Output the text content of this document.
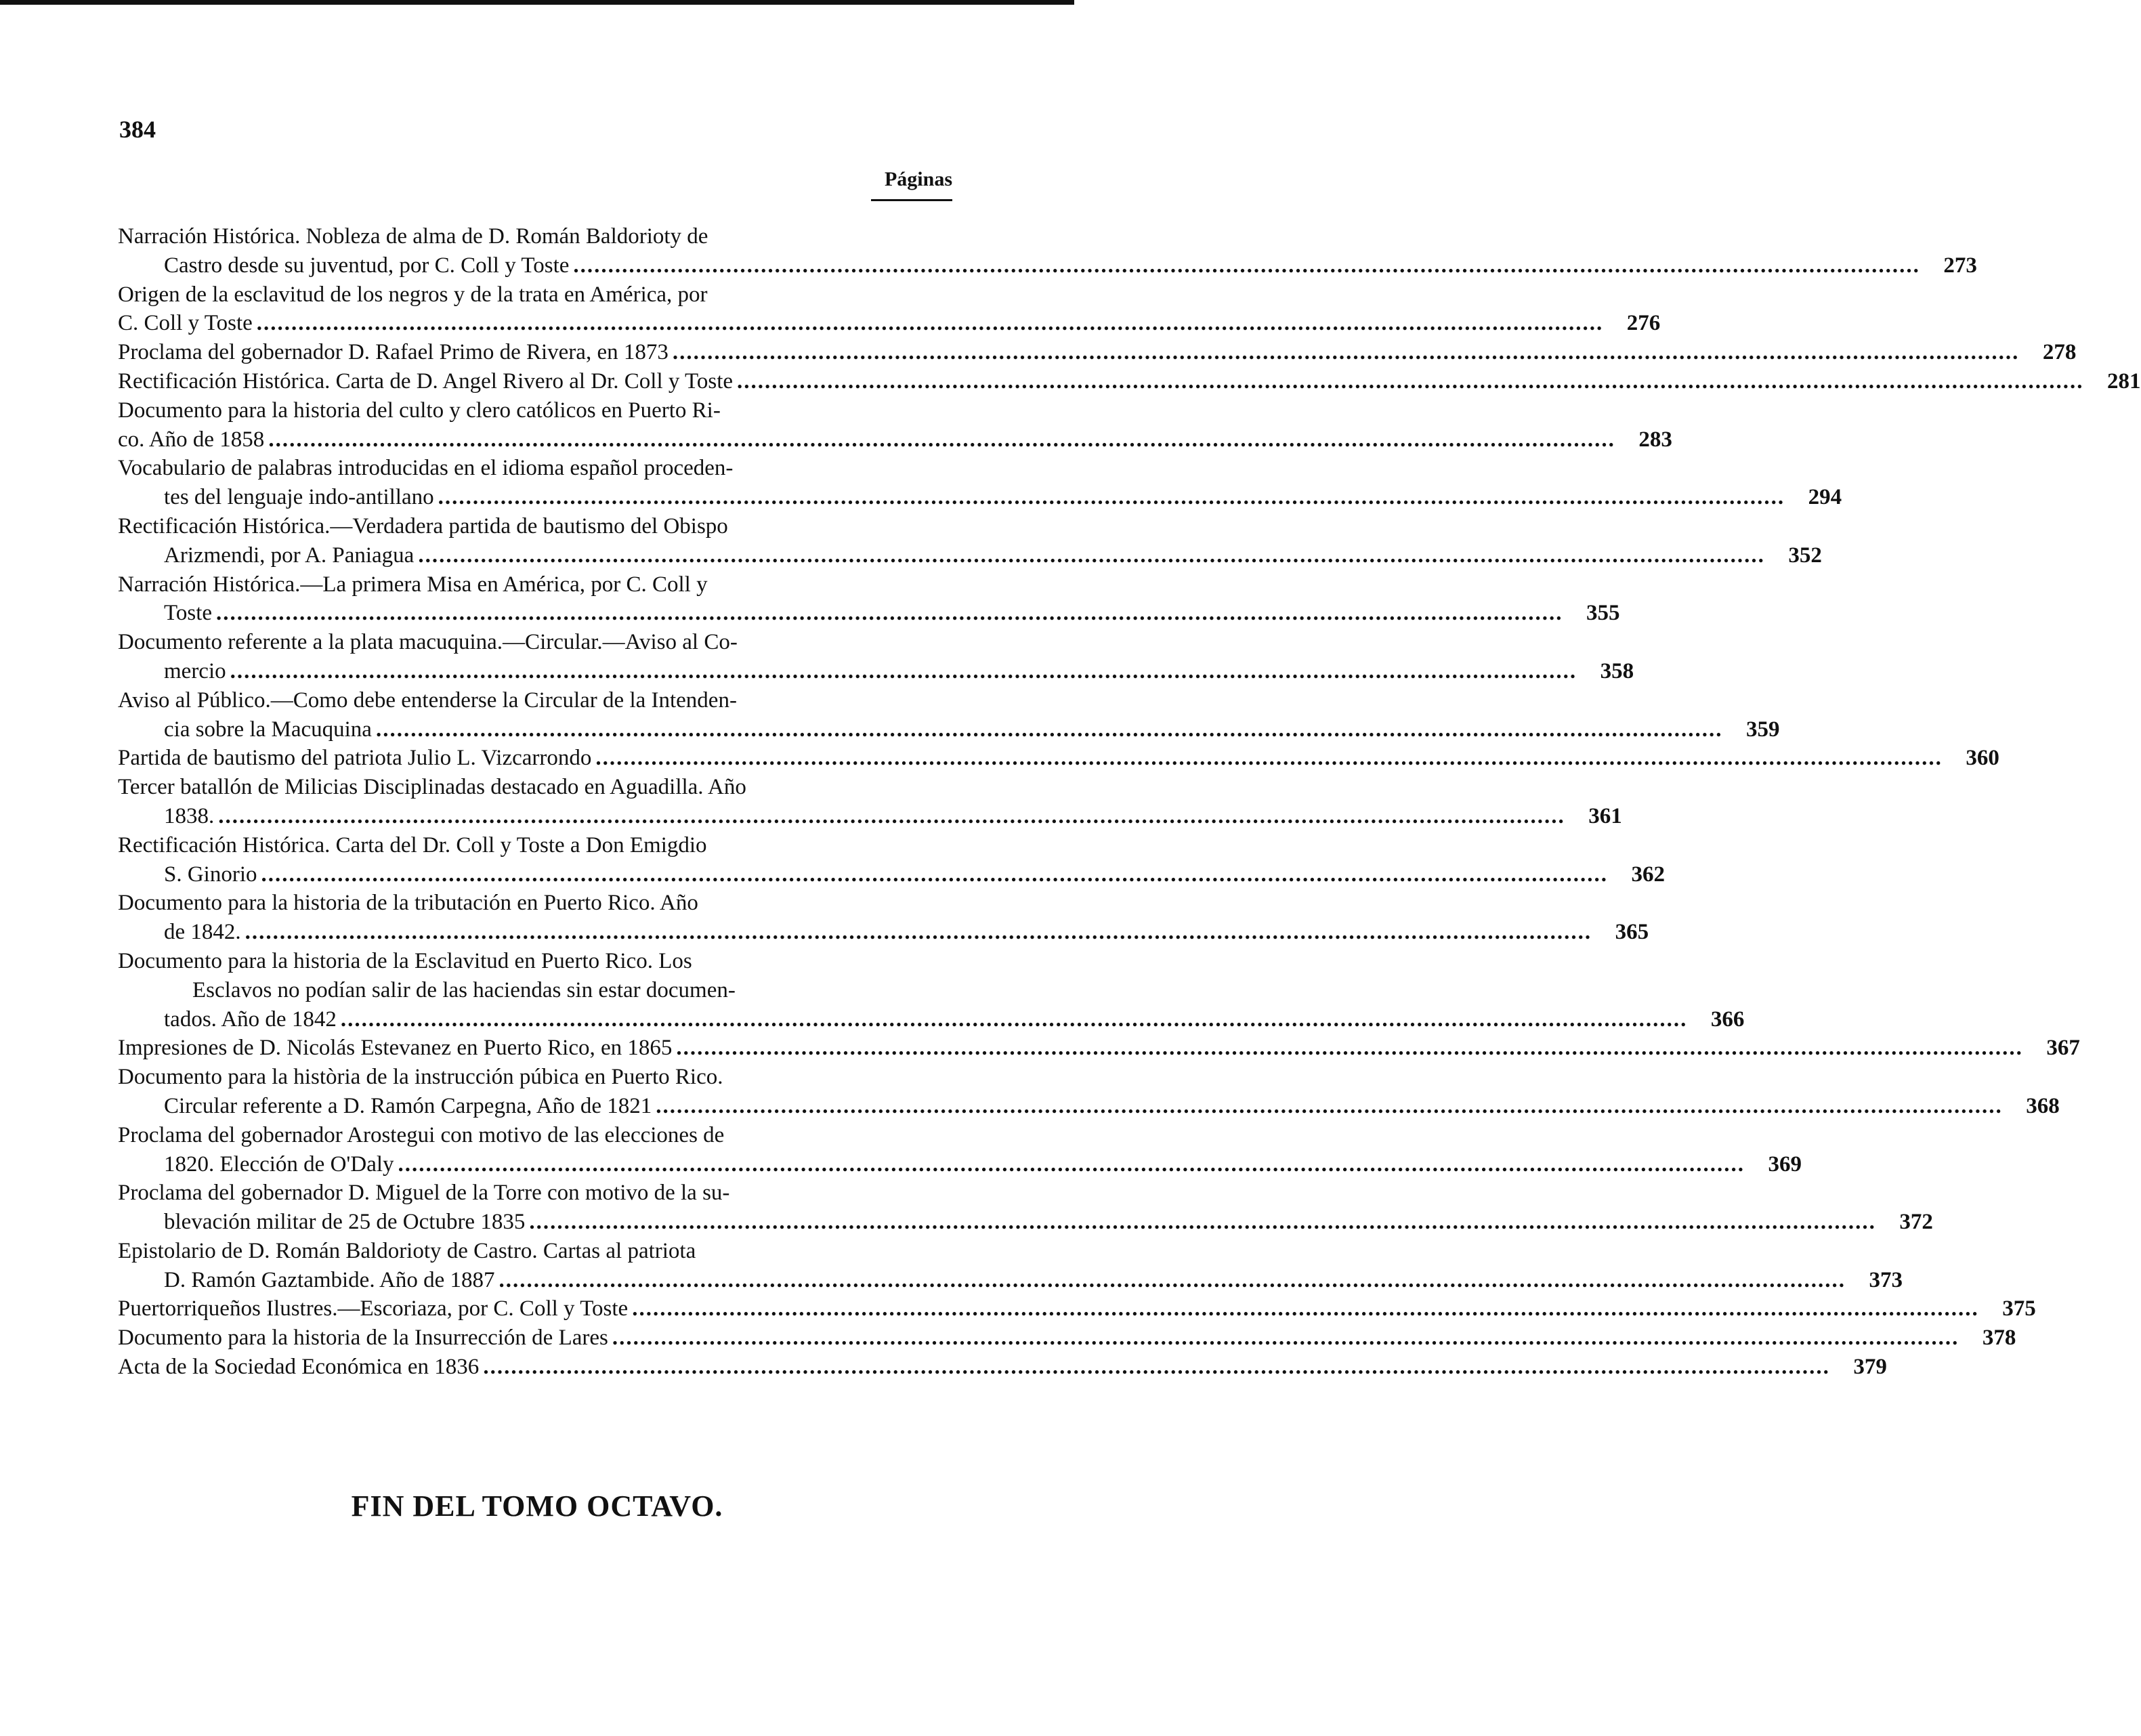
384
Páginas
Narración Histórica. Nobleza de alma de D. Román Baldorioty de
Castro desde su juventud, por C. Coll y Toste .....	273
Origen de la esclavitud de los negros y de la trata en América, por
C. Coll y Toste .....	276
Proclama del gobernador D. Rafael Primo de Rivera, en 1873 .....	278
Rectificación Histórica. Carta de D. Angel Rivero al Dr. Coll y Toste .....	281
Documento para la historia del culto y clero católicos en Puerto Ri-
co. Año de 1858 .....	283
Vocabulario de palabras introducidas en el idioma español proceden-
tes del lenguaje indo-antillano .....	294
Rectificación Histórica.—Verdadera partida de bautismo del Obispo
Arizmendi, por A. Paniagua .....	352
Narración Histórica.—La primera Misa en América, por C. Coll y
Toste .....	355
Documento referente a la plata macuquina.—Circular.—Aviso al Co-
mercio .....	358
Aviso al Público.—Como debe entenderse la Circular de la Intenden-
cia sobre la Macuquina .....	359
Partida de bautismo del patriota Julio L. Vizcarrondo .....	360
Tercer batallón de Milicias Disciplinadas destacado en Aguadilla. Año
1838. .....	361
Rectificación Histórica. Carta del Dr. Coll y Toste a Don Emigdio
S. Ginorio .....	362
Documento para la historia de la tributación en Puerto Rico. Año
de 1842. .....	365
Documento para la historia de la Esclavitud en Puerto Rico. Los
Esclavos no podían salir de las haciendas sin estar documen-
tados. Año de 1842 .....	366
Impresiones de D. Nicolás Estevanez en Puerto Rico, en 1865 .....	367
Documento para la història de la instrucción púbica en Puerto Rico.
Circular referente a D. Ramón Carpegna, Año de 1821 .....	368
Proclama del gobernador Arostegui con motivo de las elecciones de
1820. Elección de O'Daly .....	369
Proclama del gobernador D. Miguel de la Torre con motivo de la su-
blevación militar de 25 de Octubre 1835 .....	372
Epistolario de D. Román Baldorioty de Castro. Cartas al patriota
D. Ramón Gaztambide. Año de 1887 .....	373
Puertorriqueños Ilustres.—Escoriaza, por C. Coll y Toste .....	375
Documento para la historia de la Insurrección de Lares .....	378
Acta de la Sociedad Económica en 1836 .....	379
FIN DEL TOMO OCTAVO.
